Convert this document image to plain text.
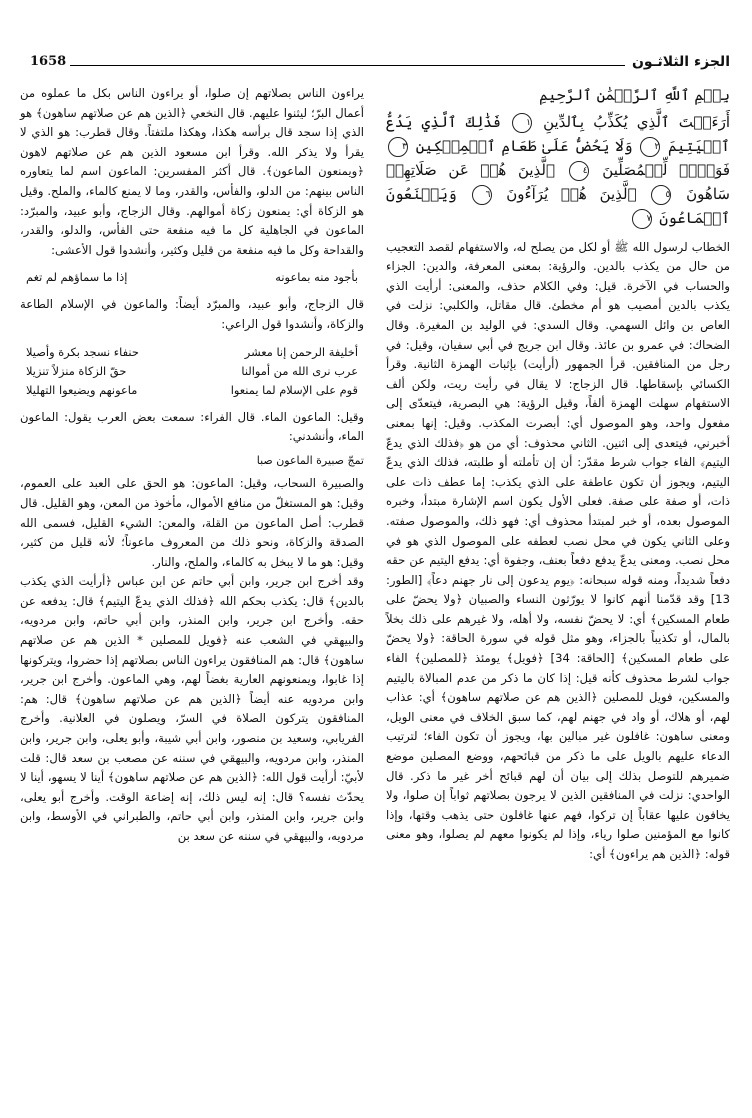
الجزء الثلاثـون
1658
بِسۡمِ ٱللَّهِ ٱلرَّحۡمَٰنِ ٱلرَّحِيمِ
أَرَءَيۡتَ ٱلَّذِي يُكَذِّبُ بِٱلدِّينِ ١ فَذَٰلِكَ ٱلَّذِي يَدُعُّ ٱلۡيَتِيمَ ٢ وَلَا يَحُضُّ عَلَىٰ طَعَامِ ٱلۡمِسۡكِينِ ٣ فَوَيۡلٞ لِّلۡمُصَلِّينَ ٤ ٱلَّذِينَ هُمۡ عَن صَلَاتِهِمۡ سَاهُونَ ٥ ٱلَّذِينَ هُمۡ يُرَآءُونَ ٦ وَيَمۡنَعُونَ ٱلۡمَاعُونَ ٧

الخطاب لرسول الله ﷺ أو لكل من يصلح له، والاستفهام لقصد التعجيب من حال من يكذب بالدين. والرؤية: بمعنى المعرفة، والدين: الجزاء والحساب في الآخرة. قيل: وفي الكلام حذف، والمعنى: أرأيت الذي يكذب بالدين أمصيب هو أم مخطئ. قال مقاتل، والكلبي: نزلت في العاص بن وائل السهمي. وقال السدي: في الوليد بن المغيرة. وقال الضحاك: في عمرو بن عائذ. وقال ابن جريج في أبي سفيان، وقيل: في رجل من المنافقين. قرأ الجمهور (أرأيت) بإثبات الهمزة الثانية. وقرأ الكسائي بإسقاطها. قال الزجاج: لا يقال في رأيت ريت، ولكن ألف الاستفهام سهلت الهمزة ألفاً، وقيل الرؤية: هي البصرية، فيتعدّى إلى مفعول واحد، وهو الموصول أي: أبصرت المكذب. وقيل: إنها بمعنى أخبرني، فيتعدى إلى اثنين. الثاني محذوف: أي من هو ﴿فذلك الذي يدعّ اليتيم﴾ الفاء جواب شرط مقدّر: أن إن تأملته أو طلبته، فذلك الذي يدعّ اليتيم، ويجوز أن تكون عاطفة على الذي يكذب: إما عطف ذات على ذات، أو صفة على صفة. فعلى الأول يكون اسم الإشارة مبتدأ، وخبره الموصول بعده، أو خبر لمبتدأ محذوف أي: فهو ذلك، والموصول صفته. وعلى الثاني يكون في محل نصب لعطفه على الموصول الذي هو في محل نصب. ومعنى يدعّ يدفع دفعاً بعنف، وجفوة أي: يدفع اليتيم عن حقه دفعاً شديداً، ومنه قوله سبحانه: ﴿يوم يدعون إلى نار جهنم دعاً﴾ [الطور: 13] وقد قدّمنا أنهم كانوا لا يورّثون النساء والصبيان ﴿ولا يحضّ على طعام المسكين﴾ أي: لا يحضّ نفسه، ولا أهله، ولا غيرهم على ذلك بخلاً بالمال، أو تكذيباً بالجزاء، وهو مثل قوله في سورة الحاقة: ﴿ولا يحضّ على طعام المسكين﴾ [الحاقة: 34] ﴿فويل﴾ يومئذ ﴿للمصلين﴾ الفاء جواب لشرط محذوف كأنه قيل: إذا كان ما ذكر من عدم المبالاة باليتيم والمسكين، فويل للمصلين ﴿الذين هم عن صلاتهم ساهون﴾ أي: عذاب لهم، أو هلاك، أو واد في جهنم لهم، كما سبق الخلاف في معنى الويل، ومعنى ساهون: غافلون غير مبالين بها، ويجوز أن تكون الفاء؛ لترتيب الدعاء عليهم بالويل على ما ذكر من قبائحهم، ووضع المصلين موضع ضميرهم للتوصل بذلك إلى بيان أن لهم قبائح أخر غير ما ذكر. قال الواحدي: نزلت في المنافقين الذين لا يرجون بصلاتهم ثواباً إن صلوا، ولا يخافون عليها عقاباً إن تركوا، فهم عنها غافلون حتى يذهب وقتها، وإذا كانوا مع المؤمنين صلوا رياء، وإذا لم يكونوا معهم لم يصلوا، وهو معنى قوله: ﴿الذين هم يراءون﴾ أي:

يراءون الناس بصلاتهم إن صلوا، أو يراءون الناس بكل ما عملوه من أعمال البرّ؛ ليثنوا عليهم. قال النخعي ﴿الذين هم عن صلاتهم ساهون﴾ هو الذي إذا سجد قال برأسه هكذا، وهكذا ملتفتاً. وقال قطرب: هو الذي لا يقرأ ولا يذكر الله. وقرأ ابن مسعود الذين هم عن صلاتهم لاهون ﴿ويمنعون الماعون﴾. قال أكثر المفسرين: الماعون اسم لما يتعاوره الناس بينهم: من الدلو، والفأس، والقدر، وما لا يمنع كالماء، والملح. وقيل هو الزكاة أي: يمنعون زكاة أموالهم. وقال الزجاج، وأبو عبيد، والمبرّد: الماعون في الجاهلية كل ما فيه منفعة حتى الفأس، والدلو، والقدر، والقداحة وكل ما فيه منفعة من قليل وكثير، وأنشدوا قول الأعشى:

بأجود منه بماعونه
إذا ما سماؤهم لم تغم

قال الزجاج، وأبو عبيد، والمبرّد أيضاً: والماعون في الإسلام الطاعة والزكاة، وأنشدوا قول الراعي:

أخليفة الرحمن إنا معشر
حنفاء نسجد بكرة وأصيلا
عرب نرى الله من أموالنا
حقّ الزكاة منزلاً تنزيلا
قوم على الإسلام لما يمنعوا
ماعونهم ويضيعوا التهليلا

وقيل: الماعون الماء. قال الفراء: سمعت بعض العرب يقول: الماعون الماء، وأنشدني:

تمجّ صبيرة الماعون صبا

والصبيرة السحاب، وقيل: الماعون: هو الحق على العبد على العموم، وقيل: هو المستغلّ من منافع الأموال، مأخوذ من المعن، وهو القليل. قال قطرب: أصل الماعون من القلة، والمعن: الشيء القليل، فسمى الله الصدقة والزكاة، ونحو ذلك من المعروف ماعوناً؛ لأنه قليل من كثير، وقيل: هو ما لا يبخل به كالماء، والملح، والنار.

وقد أخرج ابن جرير، وابن أبي حاتم عن ابن عباس ﴿أرأيت الذي يكذب بالدين﴾ قال: يكذب بحكم الله ﴿فذلك الذي يدعّ اليتيم﴾ قال: يدفعه عن حقه. وأخرج ابن جرير، وابن المنذر، وابن أبي حاتم، وابن مردويه، والبيهقي في الشعب عنه ﴿فويل للمصلين * الذين هم عن صلاتهم ساهون﴾ قال: هم المنافقون يراءون الناس بصلاتهم إذا حضروا، ويتركونها إذا غابوا، ويمنعونهم العارية بغضاً لهم، وهي الماعون. وأخرج ابن جرير، وابن مردويه عنه أيضاً ﴿الذين هم عن صلاتهم ساهون﴾ قال: هم: المنافقون يتركون الصلاة في السرّ، ويصلون في العلانية. وأخرج الفريابي، وسعيد بن منصور، وابن أبي شيبة، وأبو يعلى، وابن جرير، وابن المنذر، وابن مردويه، والبيهقي في سننه عن مصعب بن سعد قال: قلت لأبيّ: أرأيت قول الله: ﴿الذين هم عن صلاتهم ساهون﴾ أينا لا يسهو، أينا لا يحدّث نفسه؟ قال: إنه ليس ذلك، إنه إضاعة الوقت. وأخرج أبو يعلى، وابن جرير، وابن المنذر، وابن أبي حاتم، والطبراني في الأوسط، وابن مردويه، والبيهقي في سننه عن سعد بن
